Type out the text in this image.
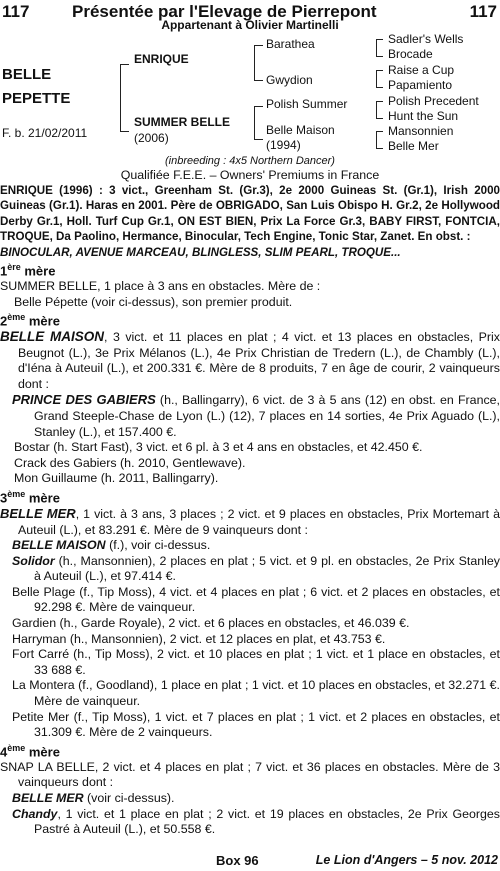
117	Présentée par l'Elevage de Pierrepont	117
Appartenant à Olivier Martinelli
BELLE
PEPETTE
F. b. 21/02/2011
ENRIQUE
SUMMER BELLE
(2006)
Barathea
Gwydion
Polish Summer
Belle Maison
(1994)
Sadler's Wells
Brocade
Raise a Cup
Papamiento
Polish Precedent
Hunt the Sun
Mansonnien
Belle Mer
(inbreeding : 4x5 Northern Dancer)
Qualifiée F.E.E. – Owners' Premiums in France

ENRIQUE (1996) : 3 vict., Greenham St. (Gr.3), 2e 2000 Guineas St. (Gr.1), Irish 2000 Guineas (Gr.1). Haras en 2001. Père de OBRIGADO, San Luis Obispo H. Gr.2, 2e Hollywood Derby Gr.1, Holl. Turf Cup Gr.1, ON EST BIEN, Prix La Force Gr.3, BABY FIRST, FONTCIA, TROQUE, Da Paolino, Hermance, Binocular, Tech Engine, Tonic Star, Zanet. En obst. :
BINOCULAR, AVENUE MARCEAU, BLINGLESS, SLIM PEARL, TROQUE...

1ère mère

SUMMER BELLE, 1 place à 3 ans en obstacles. Mère de :

Belle Pépette (voir ci-dessus), son premier produit.

2ème mère

BELLE MAISON, 3 vict. et 11 places en plat ; 4 vict. et 13 places en obstacles, Prix Beugnot (L.), 3e Prix Mélanos (L.), 4e Prix Christian de Tredern (L.), de Chambly (L.), d'Iéna à Auteuil (L.), et 200.331 €. Mère de 8 produits, 7 en âge de courir, 2 vainqueurs dont :

PRINCE DES GABIERS (h., Ballingarry), 6 vict. de 3 à 5 ans (12) en obst. en France, Grand Steeple-Chase de Lyon (L.) (12), 7 places en 14 sorties, 4e Prix Aguado (L.), Stanley (L.), et 157.400 €.

Bostar (h. Start Fast), 3 vict. et 6 pl. à 3 et 4 ans en obstacles, et 42.450 €.

Crack des Gabiers (h. 2010, Gentlewave).

Mon Guillaume (h. 2011, Ballingarry).

3ème mère

BELLE MER, 1 vict. à 3 ans, 3 places ; 2 vict. et 9 places en obstacles, Prix Mortemart à Auteuil (L.), et 83.291 €. Mère de 9 vainqueurs dont :

BELLE MAISON (f.), voir ci-dessus.

Solidor (h., Mansonnien), 2 places en plat ; 5 vict. et 9 pl. en obstacles, 2e Prix Stanley à Auteuil (L.), et 97.414 €.

Belle Plage (f., Tip Moss), 4 vict. et 4 places en plat ; 6 vict. et 2 places en obstacles, et 92.298 €. Mère de vainqueur.

Gardien (h., Garde Royale), 2 vict. et 6 places en obstacles, et 46.039 €.

Harryman (h., Mansonnien), 2 vict. et 12 places en plat, et 43.753 €.

Fort Carré (h., Tip Moss), 2 vict. et 10 places en plat ; 1 vict. et 1 place en obstacles, et 33 688 €.

La Montera (f., Goodland), 1 place en plat ; 1 vict. et 10 places en obstacles, et 32.271 €. Mère de vainqueur.

Petite Mer (f., Tip Moss), 1 vict. et 7 places en plat ; 1 vict. et 2 places en obstacles, et 31.309 €. Mère de 2 vainqueurs.

4ème mère

SNAP LA BELLE, 2 vict. et 4 places en plat ; 7 vict. et 36 places en obstacles. Mère de 3 vainqueurs dont :

BELLE MER (voir ci-dessus).

Chandy, 1 vict. et 1 place en plat ; 2 vict. et 19 places en obstacles, 2e Prix Georges Pastré à Auteuil (L.), et 50.558 €.

Box 96	Le Lion d'Angers – 5 nov. 2012
